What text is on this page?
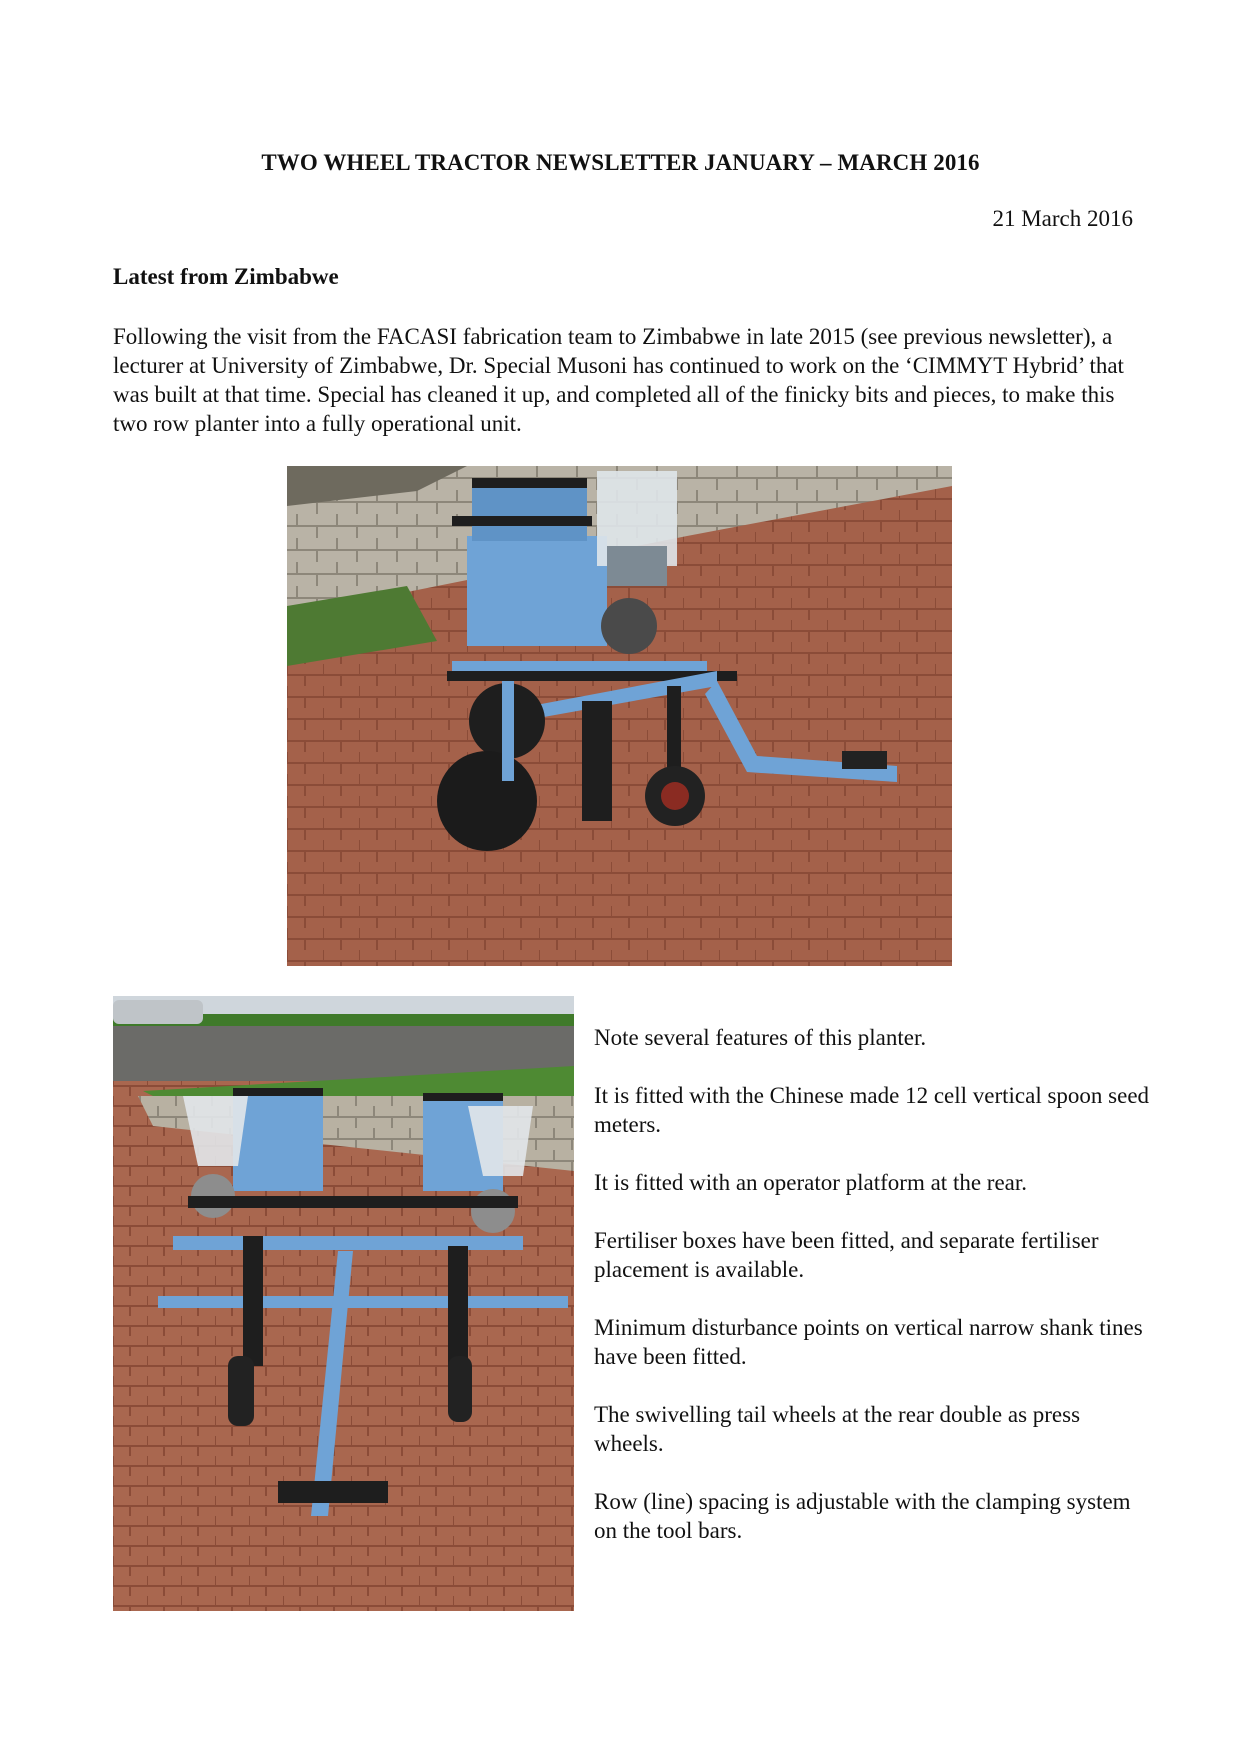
TWO WHEEL TRACTOR NEWSLETTER JANUARY – MARCH 2016
21 March 2016
Latest from Zimbabwe

Following the visit from the FACASI fabrication team to Zimbabwe in late 2015 (see previous newsletter), a lecturer at University of Zimbabwe, Dr. Special Musoni has continued to work on the ‘CIMMYT Hybrid’ that was built at that time. Special has cleaned it up, and completed all of the finicky bits and pieces, to make this two row planter into a fully operational unit.

Note several features of this planter.

It is fitted with the Chinese made 12 cell vertical spoon seed meters.

It is fitted with an operator platform at the rear.

Fertiliser boxes have been fitted, and separate fertiliser placement is available.

Minimum disturbance points on vertical narrow shank tines have been fitted.

The swivelling tail wheels at the rear double as press wheels.

Row (line) spacing is adjustable with the clamping system on the tool bars.
